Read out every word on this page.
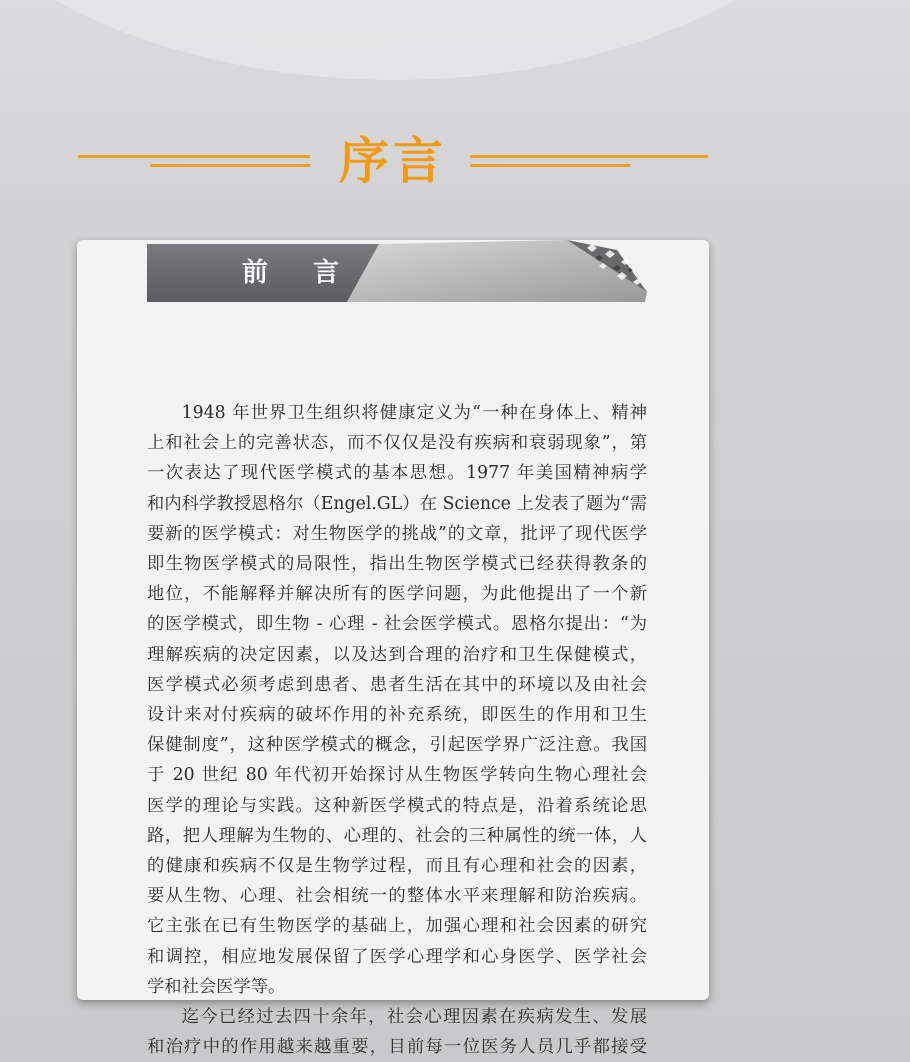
序言
前 言

1948 年世界卫生组织将健康定义为“一种在身体上、精神
上和社会上的完善状态，而不仅仅是没有疾病和衰弱现象”，第
一次表达了现代医学模式的基本思想。1977 年美国精神病学
和内科学教授恩格尔（Engel.GL）在 Science 上发表了题为“需
要新的医学模式：对生物医学的挑战”的文章，批评了现代医学
即生物医学模式的局限性，指出生物医学模式已经获得教条的
地位，不能解释并解决所有的医学问题，为此他提出了一个新
的医学模式，即生物 - 心理 - 社会医学模式。恩格尔提出：“为
理解疾病的决定因素，以及达到合理的治疗和卫生保健模式，
医学模式必须考虑到患者、患者生活在其中的环境以及由社会
设计来对付疾病的破坏作用的补充系统，即医生的作用和卫生
保健制度”，这种医学模式的概念，引起医学界广泛注意。我国
于 20 世纪 80 年代初开始探讨从生物医学转向生物心理社会
医学的理论与实践。这种新医学模式的特点是，沿着系统论思
路，把人理解为生物的、心理的、社会的三种属性的统一体，人
的健康和疾病不仅是生物学过程，而且有心理和社会的因素，
要从生物、心理、社会相统一的整体水平来理解和防治疾病。
它主张在已有生物医学的基础上，加强心理和社会因素的研究
和调控，相应地发展保留了医学心理学和心身医学、医学社会
学和社会医学等。

迄今已经过去四十余年，社会心理因素在疾病发生、发展
和治疗中的作用越来越重要，目前每一位医务人员几乎都接受
